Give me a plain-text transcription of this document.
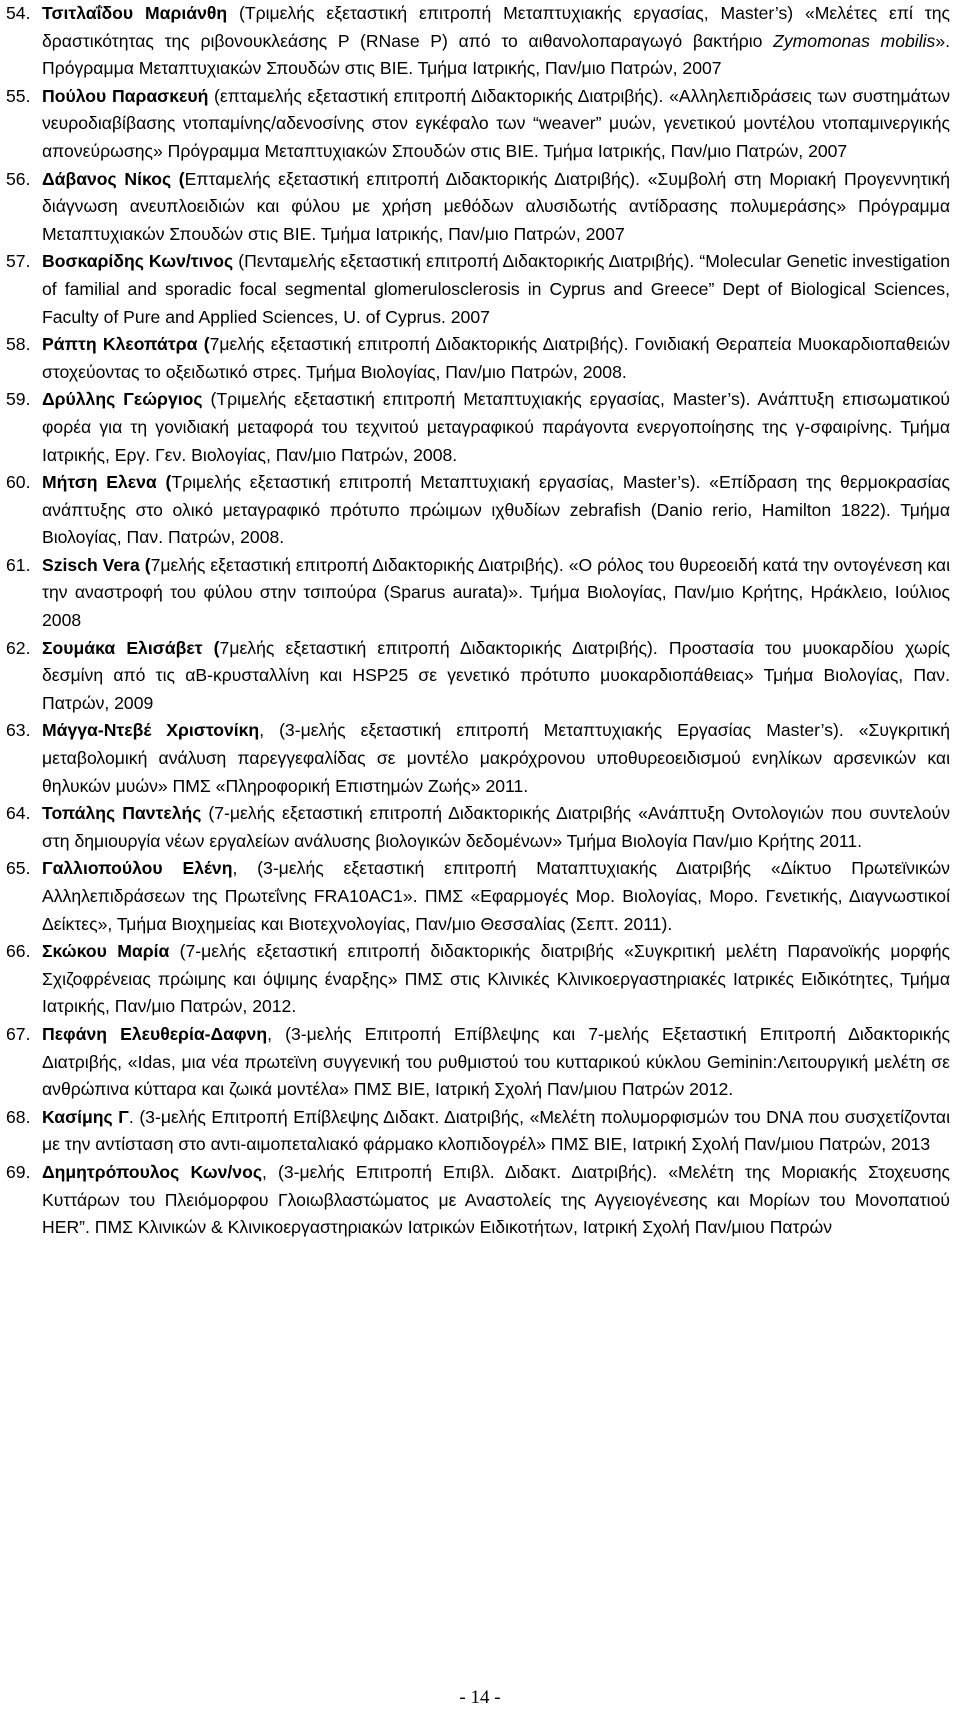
54. Τσιτλαΐδου Μαριάνθη (Τριμελής εξεταστική επιτροπή Μεταπτυχιακής εργασίας, Master’s) «Μελέτες επί της δραστικότητας της ριβονουκλεάσης P (RNase P) από το αιθανολοπαραγωγό βακτήριο Zymomonas mobilis». Πρόγραμμα Μεταπτυχιακών Σπουδών στις ΒΙΕ. Τμήμα Ιατρικής, Παν/μιο Πατρών, 2007
55. Πούλου Παρασκευή (επταμελής εξεταστική επιτροπή Διδακτορικής Διατριβής). «Αλληλεπιδράσεις των συστημάτων νευροδιαβίβασης ντοπαμίνης/αδενοσίνης στον εγκέφαλο των “weaver” μυών, γενετικού μοντέλου ντοπαμινεργικής απονεύρωσης» Πρόγραμμα Μεταπτυχιακών Σπουδών στις ΒΙΕ. Τμήμα Ιατρικής, Παν/μιο Πατρών, 2007
56. Δάβανος Νίκος (Επταμελής εξεταστική επιτροπή Διδακτορικής Διατριβής). «Συμβολή στη Μοριακή Προγεννητική διάγνωση ανευπλοειδιών και φύλου με χρήση μεθόδων αλυσιδωτής αντίδρασης πολυμεράσης» Πρόγραμμα Μεταπτυχιακών Σπουδών στις ΒΙΕ. Τμήμα Ιατρικής, Παν/μιο Πατρών, 2007
57. Βοσκαρίδης Κων/τινος (Πενταμελής εξεταστική επιτροπή Διδακτορικής Διατριβής). “Molecular Genetic investigation of familial and sporadic focal segmental glomerulosclerosis in Cyprus and Greece” Dept of Biological Sciences, Faculty of Pure and Applied Sciences, U. of Cyprus. 2007
58. Ράπτη Κλεοπάτρα (7μελής εξεταστική επιτροπή Διδακτορικής Διατριβής). Γονιδιακή Θεραπεία Μυοκαρδιοπαθειών στοχεύοντας το οξειδωτικό στρες. Τμήμα Βιολογίας, Παν/μιο Πατρών, 2008.
59. Δρύλλης Γεώργιος (Τριμελής εξεταστική επιτροπή Μεταπτυχιακής εργασίας, Master’s). Ανάπτυξη επισωματικού φορέα για τη γονιδιακή μεταφορά του τεχνιτού μεταγραφικού παράγοντα ενεργοποίησης της γ-σφαιρίνης. Τμήμα Ιατρικής, Εργ. Γεν. Βιολογίας, Παν/μιο Πατρών, 2008.
60. Μήτση Ελενα (Τριμελής εξεταστική επιτροπή Μεταπτυχιακή εργασίας, Master’s). «Επίδραση της θερμοκρασίας ανάπτυξης στο ολικό μεταγραφικό πρότυπο πρώιμων ιχθυδίων zebrafish (Danio rerio, Hamilton 1822). Τμήμα Βιολογίας, Παν. Πατρών, 2008.
61. Szisch Vera (7μελής εξεταστική επιτροπή Διδακτορικής Διατριβής). «Ο ρόλος του θυρεοειδή κατά την οντογένεση και την αναστροφή του φύλου στην τσιπούρα (Sparus aurata)». Τμήμα Βιολογίας, Παν/μιο Κρήτης, Ηράκλειο, Ιούλιος 2008
62. Σουμάκα Ελισάβετ (7μελής εξεταστική επιτροπή Διδακτορικής Διατριβής). Προστασία του μυοκαρδίου χωρίς δεσμίνη από τις αΒ-κρυσταλλίνη και HSP25 σε γενετικό πρότυπο μυοκαρδιοπάθειας» Τμήμα Βιολογίας, Παν. Πατρών, 2009
63. Μάγγα-Ντεβέ Χριστονίκη, (3-μελής εξεταστική επιτροπή Μεταπτυχιακής Εργασίας Master’s). «Συγκριτική μεταβολομική ανάλυση παρεγγεφαλίδας σε μοντέλο μακρόχρονου υποθυρεοειδισμού ενηλίκων αρσενικών και θηλυκών μυών» ΠΜΣ «Πληροφορική Επιστημών Ζωής» 2011.
64. Τοπάλης Παντελής (7-μελής εξεταστική επιτροπή Διδακτορικής Διατριβής «Ανάπτυξη Οντολογιών που συντελούν στη δημιουργία νέων εργαλείων ανάλυσης βιολογικών δεδομένων» Τμήμα Βιολογία Παν/μιο Κρήτης 2011.
65. Γαλλιοπούλου Ελένη, (3-μελής εξεταστική επιτροπή Ματαπτυχιακής Διατριβής «Δίκτυο Πρωτεϊνικών Αλληλεπιδράσεων της Πρωτεΐνης FRA10AC1». ΠΜΣ «Εφαρμογές Μορ. Βιολογίας, Μορο. Γενετικής, Διαγνωστικοί Δείκτες», Τμήμα Βιοχημείας και Βιοτεχνολογίας, Παν/μιο Θεσσαλίας (Σεπτ. 2011).
66. Σκώκου Μαρία (7-μελής εξεταστική επιτροπή διδακτορικής διατριβής «Συγκριτική μελέτη Παρανοϊκής μορφής Σχιζοφρένειας πρώιμης και όψιμης έναρξης» ΠΜΣ στις Κλινικές Κλινικοεργαστηριακές Ιατρικές Ειδικότητες, Τμήμα Ιατρικής, Παν/μιο Πατρών, 2012.
67. Πεφάνη Ελευθερία-Δαφνη, (3-μελής Επιτροπή Επίβλεψης και 7-μελής Εξεταστική Επιτροπή Διδακτορικής Διατριβής, «Idas, μια νέα πρωτεϊνη συγγενική του ρυθμιστού του κυτταρικού κύκλου Geminin:Λειτουργική μελέτη σε ανθρώπινα κύτταρα και ζωικά μοντέλα» ΠΜΣ ΒΙΕ, Ιατρική Σχολή Παν/μιου Πατρών 2012.
68. Κασίμης Γ. (3-μελής Επιτροπή Επίβλεψης Διδακτ. Διατριβής, «Μελέτη πολυμορφισμών του DNA που συσχετίζονται με την αντίσταση στο αντι-αιμοπεταλιακό φάρμακο κλοπιδογρέλ» ΠΜΣ ΒΙΕ, Ιατρική Σχολή Παν/μιου Πατρών, 2013
69. Δημητρόπουλος Κων/νος, (3-μελής Επιτροπή Επιβλ. Διδακτ. Διατριβής). «Μελέτη της Μοριακής Στοχευσης Κυττάρων του Πλειόμορφου Γλοιωβλαστώματος με Αναστολείς της Αγγειογένεσης και Μορίων του Μονοπατιού HER”. ΠΜΣ Κλινικών & Κλινικοεργαστηριακών Ιατρικών Ειδικοτήτων, Ιατρική Σχολή Παν/μιου Πατρών
- 14 -
